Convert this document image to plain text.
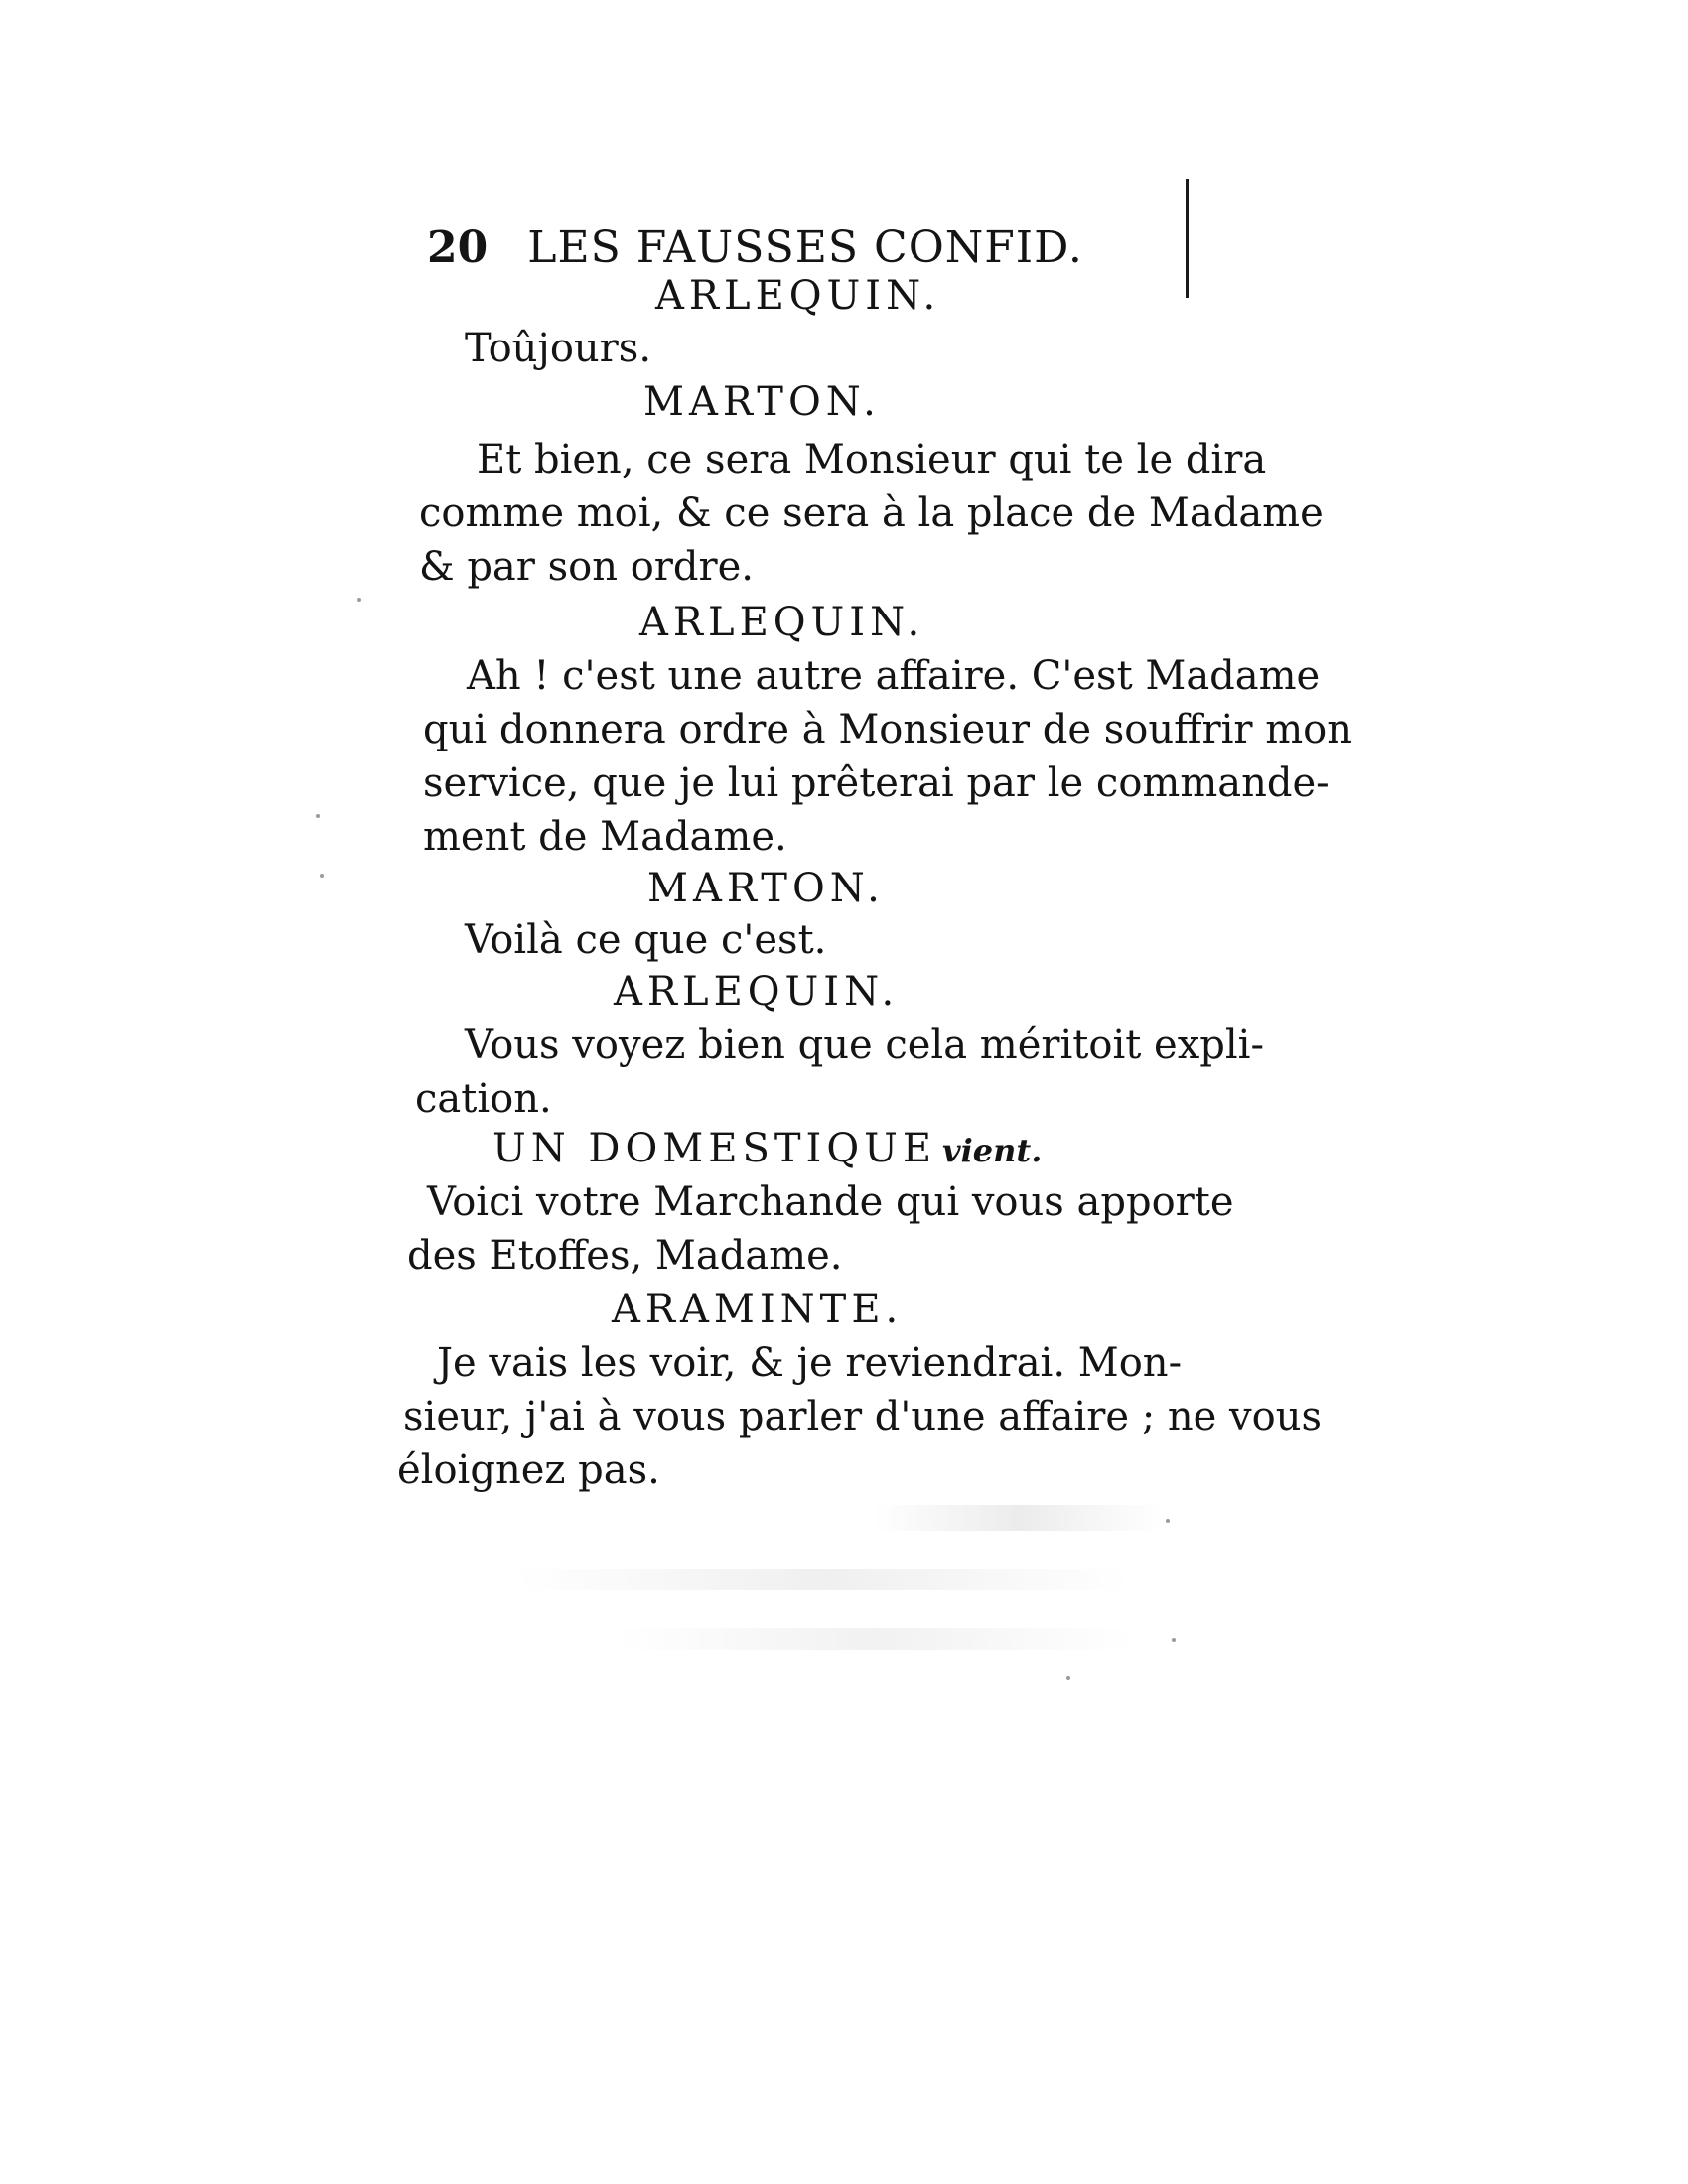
20 LES FAUSSES CONFID.
ARLEQUIN.
Toûjours.
MARTON.
Et bien, ce sera Monsieur qui te le dira
comme moi, & ce sera à la place de Madame
& par son ordre.
ARLEQUIN.
Ah ! c'est une autre affaire. C'est Madame
qui donnera ordre à Monsieur de souffrir mon
service, que je lui prêterai par le commande-
ment de Madame.
MARTON.
Voilà ce que c'est.
ARLEQUIN.
Vous voyez bien que cela méritoit expli-
cation.
UN DOMESTIQUE vient.
Voici votre Marchande qui vous apporte
des Etoffes, Madame.
ARAMINTE.
Je vais les voir, & je reviendrai. Mon-
sieur, j'ai à vous parler d'une affaire ; ne vous
éloignez pas.
